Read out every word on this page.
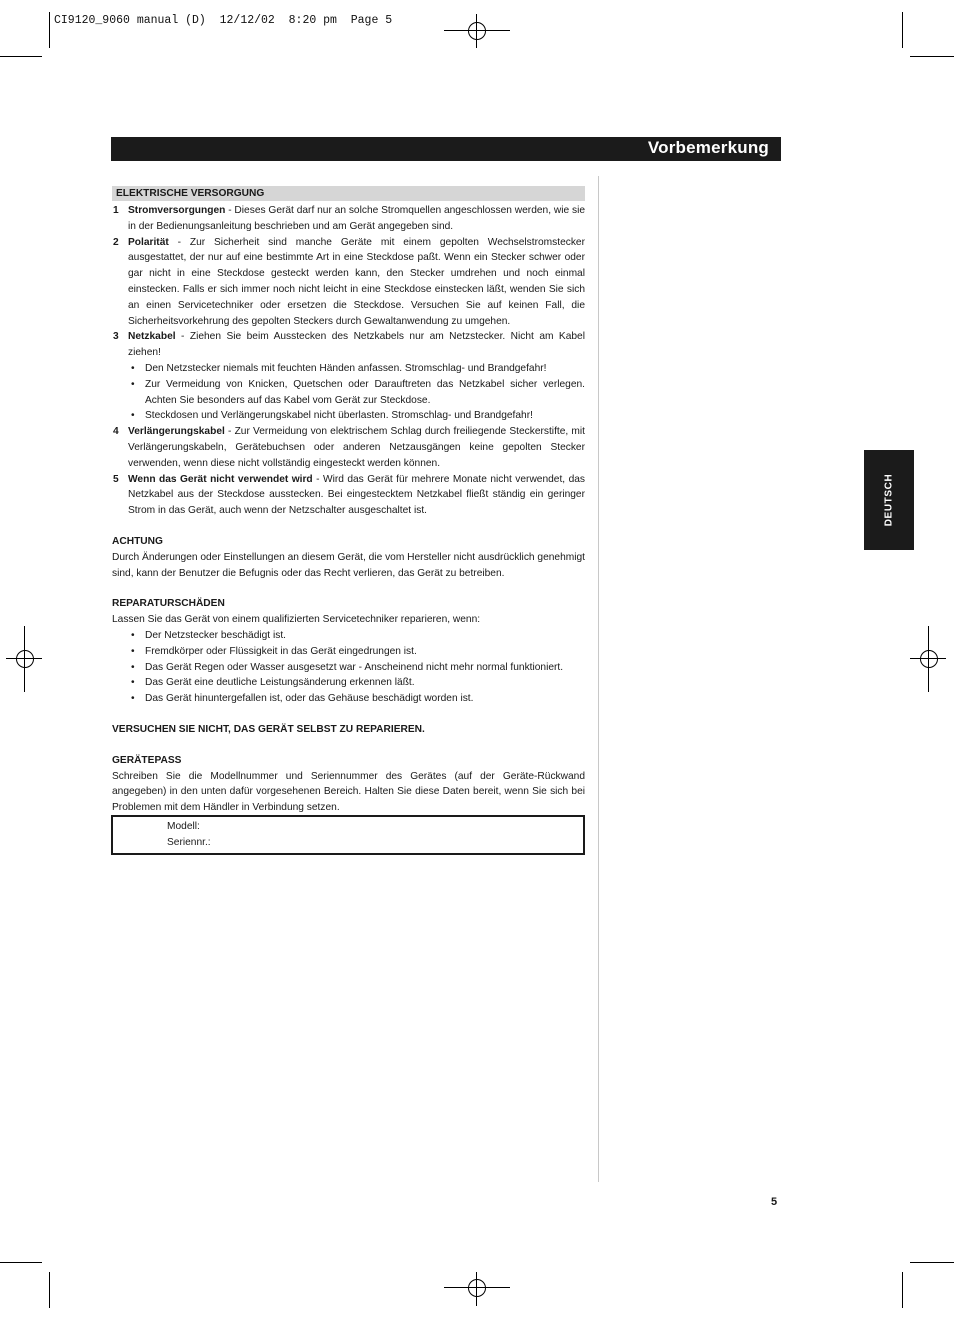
CI9120_9060 manual (D)  12/12/02  8:20 pm  Page 5
Vorbemerkung
DEUTSCH
ELEKTRISCHE VERSORGUNG
1 Stromversorgungen - Dieses Gerät darf nur an solche Stromquellen angeschlossen werden, wie sie in der Bedienungsanleitung beschrieben und am Gerät angegeben sind.
2 Polarität - Zur Sicherheit sind manche Geräte mit einem gepolten Wechselstromstecker ausgestattet, der nur auf eine bestimmte Art in eine Steckdose paßt. Wenn ein Stecker schwer oder gar nicht in eine Steckdose gesteckt werden kann, den Stecker umdrehen und noch einmal einstecken. Falls er sich immer noch nicht leicht in eine Steckdose einstecken läßt, wenden Sie sich an einen Servicetechniker oder ersetzen die Steckdose. Versuchen Sie auf keinen Fall, die Sicherheitsvorkehrung des gepolten Steckers durch Gewaltanwendung zu umgehen.
3 Netzkabel - Ziehen Sie beim Ausstecken des Netzkabels nur am Netzstecker. Nicht am Kabel ziehen!
• Den Netzstecker niemals mit feuchten Händen anfassen. Stromschlag- und Brandgefahr!
• Zur Vermeidung von Knicken, Quetschen oder Darauftreten das Netzkabel sicher verlegen. Achten Sie besonders auf das Kabel vom Gerät zur Steckdose.
• Steckdosen und Verlängerungskabel nicht überlasten. Stromschlag- und Brandgefahr!
4 Verlängerungskabel - Zur Vermeidung von elektrischem Schlag durch freiliegende Steckerstifte, mit Verlängerungskabeln, Gerätebuchsen oder anderen Netzausgängen keine gepolten Stecker verwenden, wenn diese nicht vollständig eingesteckt werden können.
5 Wenn das Gerät nicht verwendet wird - Wird das Gerät für mehrere Monate nicht verwendet, das Netzkabel aus der Steckdose ausstecken. Bei eingestecktem Netzkabel fließt ständig ein geringer Strom in das Gerät, auch wenn der Netzschalter ausgeschaltet ist.
ACHTUNG
Durch Änderungen oder Einstellungen an diesem Gerät, die vom Hersteller nicht ausdrücklich genehmigt sind, kann der Benutzer die Befugnis oder das Recht verlieren, das Gerät zu betreiben.
REPARATURSCHÄDEN
Lassen Sie das Gerät von einem qualifizierten Servicetechniker reparieren, wenn:
• Der Netzstecker beschädigt ist.
• Fremdkörper oder Flüssigkeit in das Gerät eingedrungen ist.
• Das Gerät Regen oder Wasser ausgesetzt war - Anscheinend nicht mehr normal funktioniert.
• Das Gerät eine deutliche Leistungsänderung erkennen läßt.
• Das Gerät hinuntergefallen ist, oder das Gehäuse beschädigt worden ist.
VERSUCHEN SIE NICHT, DAS GERÄT SELBST ZU REPARIEREN.
GERÄTEPASS
Schreiben Sie die Modellnummer und Seriennummer des Gerätes (auf der Geräte-Rückwand angegeben) in den unten dafür vorgesehenen Bereich. Halten Sie diese Daten bereit, wenn Sie sich bei Problemen mit dem Händler in Verbindung setzen.
Modell:
Seriennr.:
5
